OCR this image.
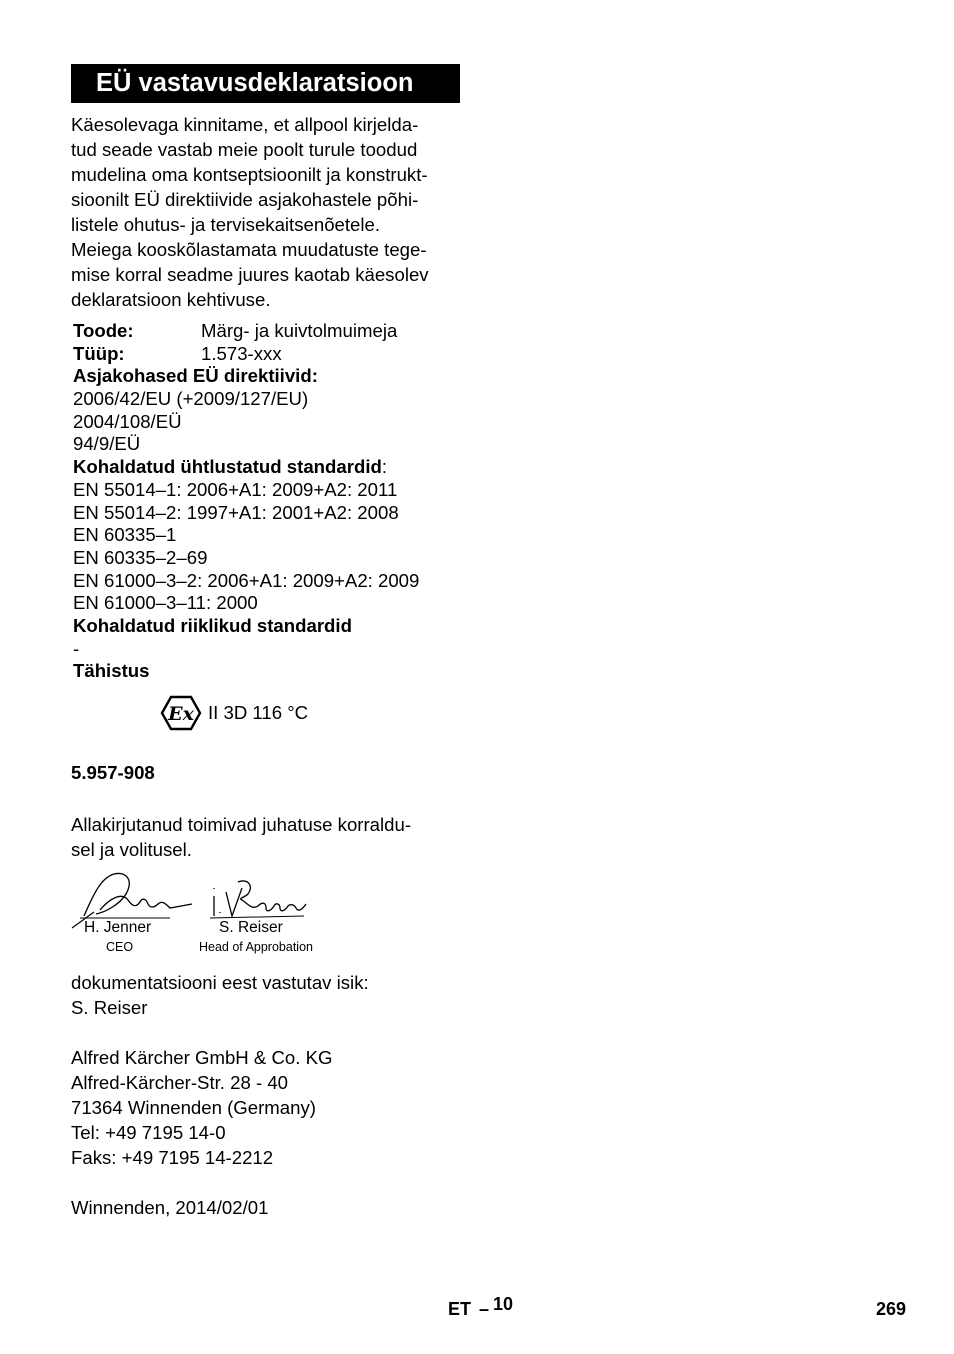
EÜ vastavusdeklaratsioon
Käesolevaga kinnitame, et allpool kirjelda-
tud seade vastab meie poolt turule toodud
mudelina oma kontseptsioonilt ja konstrukt-
sioonilt EÜ direktiivide asjakohastele põhi-
listele ohutus- ja tervisekaitsenõetele.
Meiega kooskõlastamata muudatuste tege-
mise korral seadme juures kaotab käesolev
deklaratsioon kehtivuse.
Toode:	Märg- ja kuivtolmuimeja
Tüüp:	1.573-xxx
Asjakohased EÜ direktiivid:
2006/42/EU (+2009/127/EU)
2004/108/EÜ
94/9/EÜ
Kohaldatud ühtlustatud standardid:
EN 55014–1: 2006+A1: 2009+A2: 2011
EN 55014–2: 1997+A1: 2001+A2: 2008
EN 60335–1
EN 60335–2–69
EN 61000–3–2: 2006+A1: 2009+A2: 2009
EN 61000–3–11: 2000
Kohaldatud riiklikud standardid
-
Tähistus
Ex II 3D 116 °C
5.957-908
Allakirjutanud toimivad juhatuse korraldu-
sel ja volitusel.
H. Jenner
CEO
S. Reiser
Head of Approbation
dokumentatsiooni eest vastutav isik:
S. Reiser
Alfred Kärcher GmbH & Co. KG
Alfred-Kärcher-Str. 28 - 40
71364 Winnenden (Germany)
Tel: +49 7195 14-0
Faks: +49 7195 14-2212
Winnenden, 2014/02/01
ET – 10	269
